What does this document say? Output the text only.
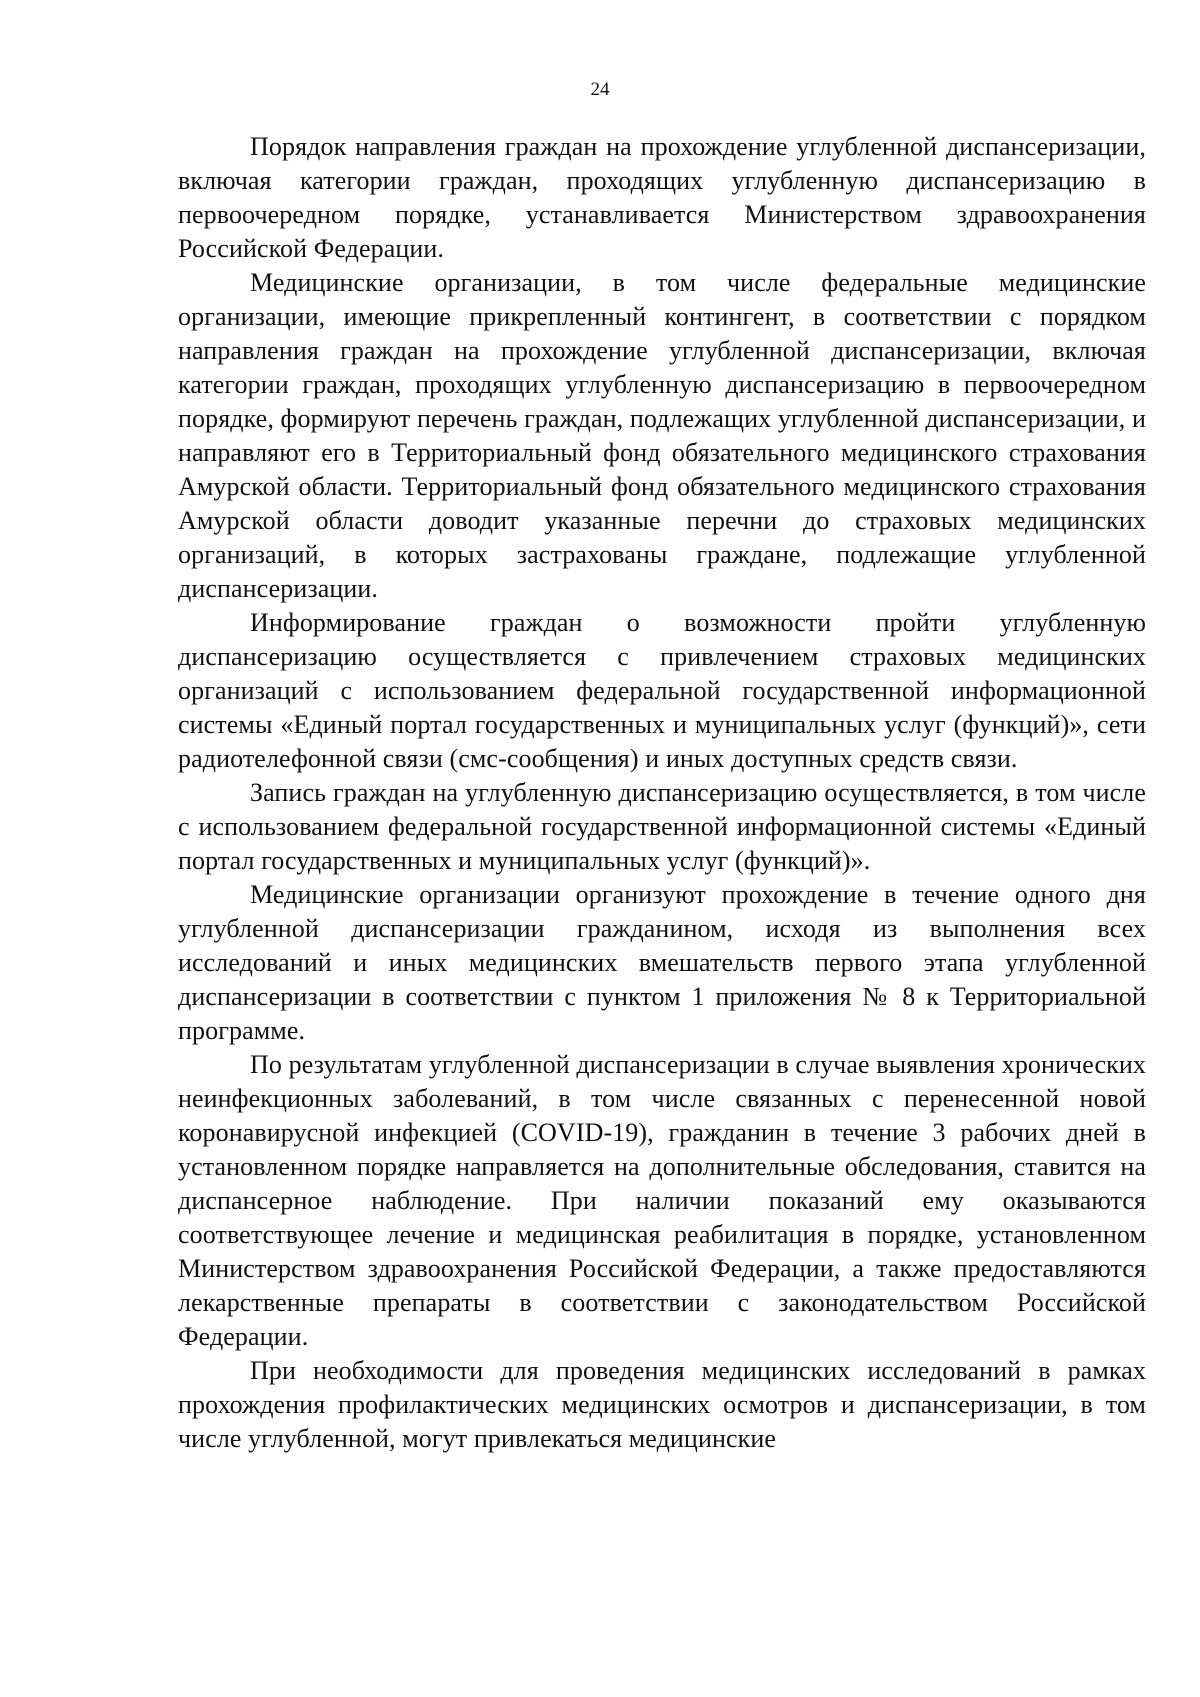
24

Порядок направления граждан на прохождение углубленной диспансеризации, включая категории граждан, проходящих углубленную диспансеризацию в первоочередном порядке, устанавливается Министерством здравоохранения Российской Федерации.

Медицинские организации, в том числе федеральные медицинские организации, имеющие прикрепленный контингент, в соответствии с порядком направления граждан на прохождение углубленной диспансеризации, включая категории граждан, проходящих углубленную диспансеризацию в первоочередном порядке, формируют перечень граждан, подлежащих углубленной диспансеризации, и направляют его в Территориальный фонд обязательного медицинского страхования Амурской области. Территориальный фонд обязательного медицинского страхования Амурской области доводит указанные перечни до страховых медицинских организаций, в которых застрахованы граждане, подлежащие углубленной диспансеризации.

Информирование граждан о возможности пройти углубленную диспансеризацию осуществляется с привлечением страховых медицинских организаций с использованием федеральной государственной информационной системы «Единый портал государственных и муниципальных услуг (функций)», сети радиотелефонной связи (смс-сообщения) и иных доступных средств связи.

Запись граждан на углубленную диспансеризацию осуществляется, в том числе с использованием федеральной государственной информационной системы «Единый портал государственных и муниципальных услуг (функций)».

Медицинские организации организуют прохождение в течение одного дня углубленной диспансеризации гражданином, исходя из выполнения всех исследований и иных медицинских вмешательств первого этапа углубленной диспансеризации в соответствии с пунктом 1 приложения № 8 к Территориальной программе.

По результатам углубленной диспансеризации в случае выявления хронических неинфекционных заболеваний, в том числе связанных с перенесенной новой коронавирусной инфекцией (COVID-19), гражданин в течение 3 рабочих дней в установленном порядке направляется на дополнительные обследования, ставится на диспансерное наблюдение. При наличии показаний ему оказываются соответствующее лечение и медицинская реабилитация в порядке, установленном Министерством здравоохранения Российской Федерации, а также предоставляются лекарственные препараты в соответствии с законодательством Российской Федерации.

При необходимости для проведения медицинских исследований в рамках прохождения профилактических медицинских осмотров и диспансеризации, в том числе углубленной, могут привлекаться медицинские
